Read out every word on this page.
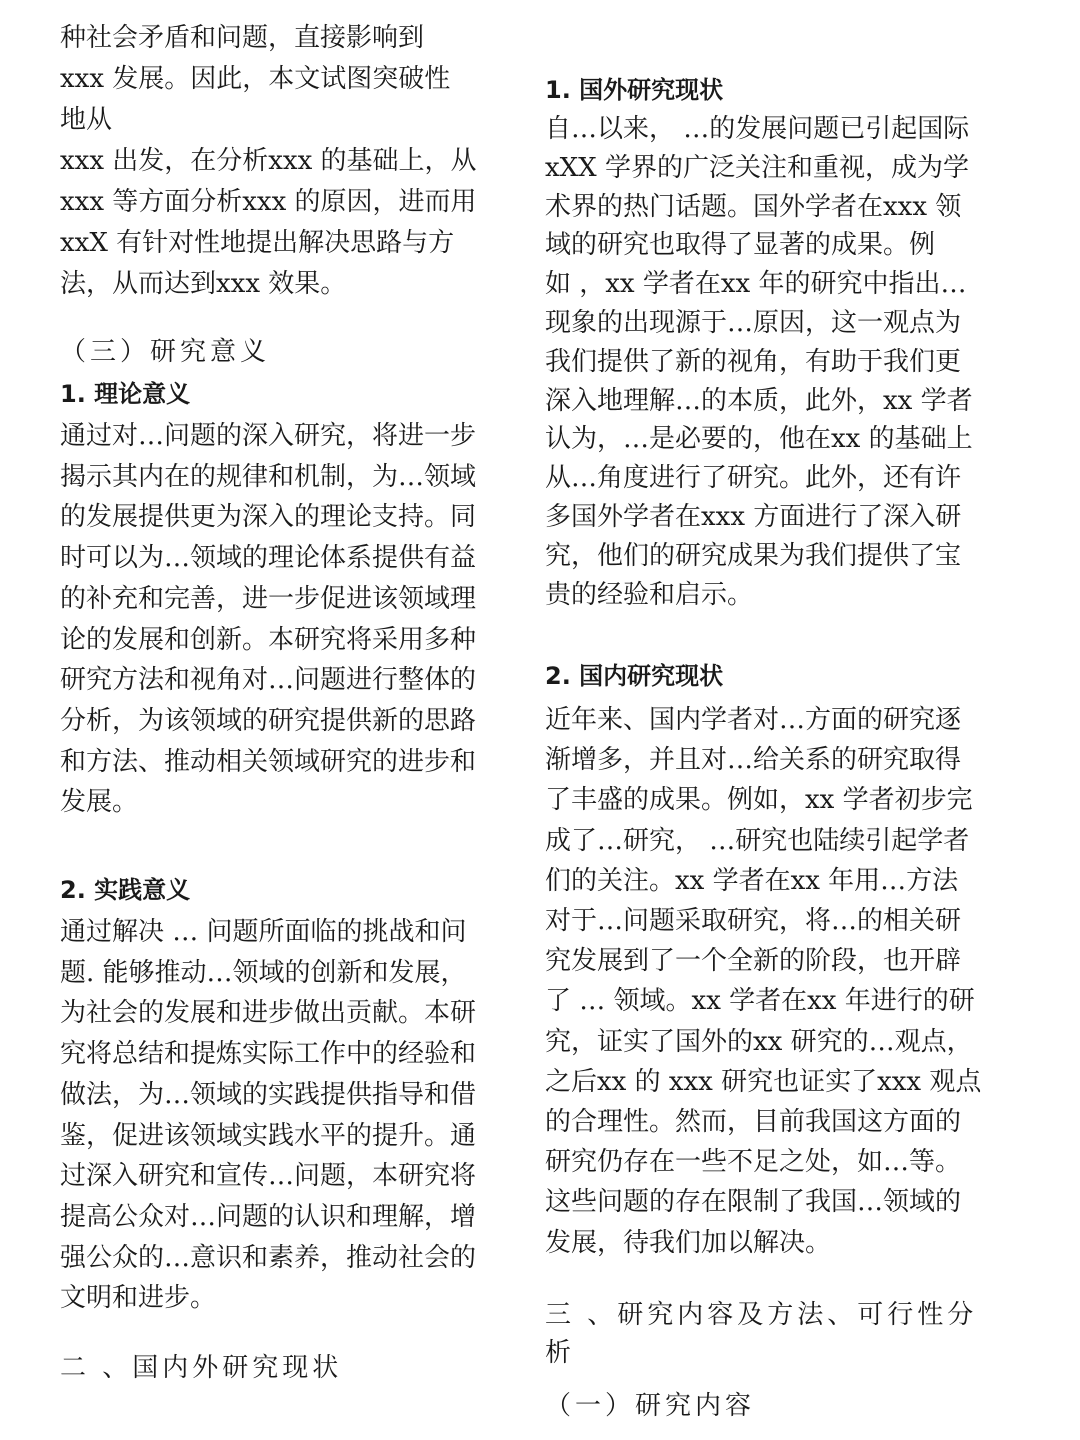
种社会矛盾和问题，直接影响到
xxx 发展。因此，本文试图突破性
地从
xxx 出发，在分析xxx 的基础上，从
xxx 等方面分析xxx 的原因，进而用
xxX 有针对性地提出解决思路与方
法，从而达到xxx 效果。
（三）研究意义
1. 理论意义
通过对…问题的深入研究，将进一步
揭示其内在的规律和机制，为…领域
的发展提供更为深入的理论支持。同
时可以为…领域的理论体系提供有益
的补充和完善，进一步促进该领域理
论的发展和创新。本研究将采用多种
研究方法和视角对…问题进行整体的
分析，为该领域的研究提供新的思路
和方法、推动相关领域研究的进步和
发展。
2. 实践意义
通过解决 … 问题所面临的挑战和问
题. 能够推动…领域的创新和发展，
为社会的发展和进步做出贡献。本研
究将总结和提炼实际工作中的经验和
做法，为…领域的实践提供指导和借
鉴，促进该领域实践水平的提升。通
过深入研究和宣传…问题，本研究将
提高公众对…问题的认识和理解，增
强公众的…意识和素养，推动社会的
文明和进步。
二 、国内外研究现状
1. 国外研究现状
自…以来， …的发展问题已引起国际
xXX 学界的广泛关注和重视，成为学
术界的热门话题。国外学者在xxx 领
域的研究也取得了显著的成果。例
如 ，xx 学者在xx 年的研究中指出…
现象的出现源于…原因，这一观点为
我们提供了新的视角，有助于我们更
深入地理解…的本质，此外，xx 学者
认为，…是必要的，他在xx 的基础上
从…角度进行了研究。此外，还有许
多国外学者在xxx 方面进行了深入研
究，他们的研究成果为我们提供了宝
贵的经验和启示。
2. 国内研究现状
近年来、国内学者对…方面的研究逐
渐增多，并且对…给关系的研究取得
了丰盛的成果。例如，xx 学者初步完
成了…研究， …研究也陆续引起学者
们的关注。xx 学者在xx 年用…方法
对于…问题采取研究，将…的相关研
究发展到了一个全新的阶段，也开辟
了 … 领域。xx 学者在xx 年进行的研
究，证实了国外的xx 研究的…观点，
之后xx 的 xxx 研究也证实了xxx 观点
的合理性。然而，目前我国这方面的
研究仍存在一些不足之处，如…等。
这些问题的存在限制了我国…领域的
发展，待我们加以解决。
三 、研究内容及方法、可行性分
析
（一）研究内容
